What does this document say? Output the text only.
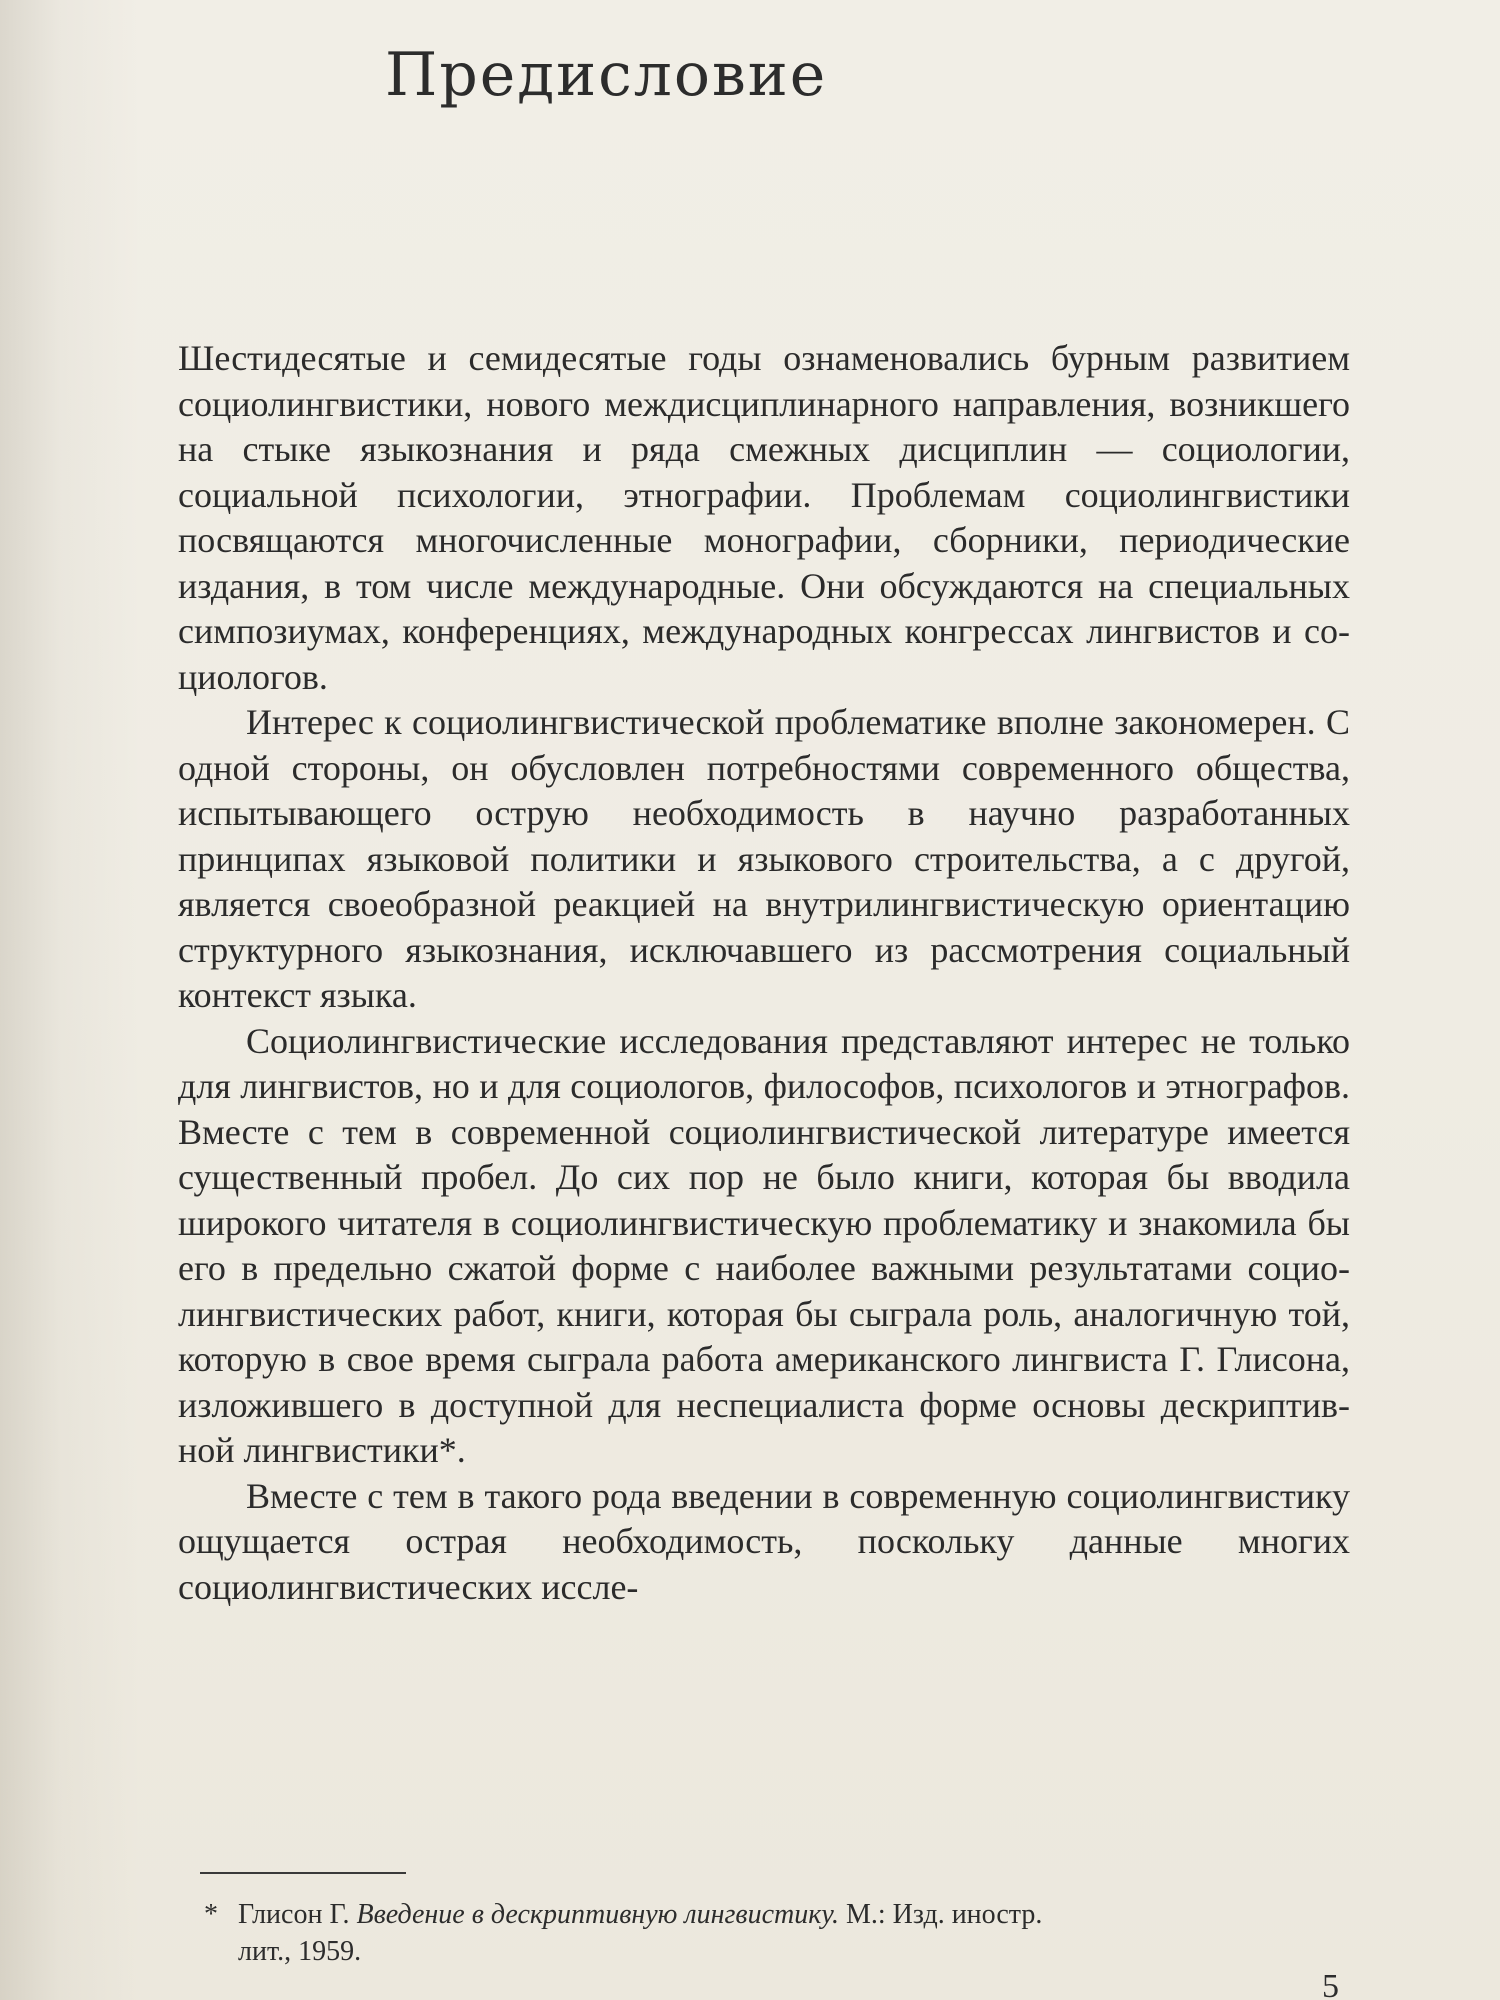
Предисловие

Шестидесятые и семидесятые годы ознаменовались бурным развитием социолингвистики, нового междисциплинарного направления, возникшего на стыке языкознания и ряда смежных дисциплин — социологии, социальной психологии, этнографии. Проблемам социолингвистики посвящаются многочисленные монографии, сборники, периодические издания, в том числе международные. Они обсуждаются на специальных симпозиумах, конференциях, международных конгрессах лингвистов и социологов.

Интерес к социолингвистической проблематике вполне закономерен. С одной стороны, он обусловлен потребностями современного общества, испытывающего острую необходимость в научно разработанных принципах языковой политики и языкового строительства, а с другой, является своеобразной реакцией на внутрилингвистическую ориентацию структурного языкознания, исключавшего из рассмотрения социальный контекст языка.

Социолингвистические исследования представляют интерес не только для лингвистов, но и для социологов, философов, психологов и этнографов. Вместе с тем в современной социолингвистической литературе имеется существенный пробел. До сих пор не было книги, которая бы вводила широкого читателя в социолингвистическую проблематику и знакомила бы его в предельно сжатой форме с наиболее важными результатами социолингвистических работ, книги, которая бы сыграла роль, аналогичную той, которую в свое время сыграла работа американского лингвиста Г. Глисона, изложившего в доступной для неспециалиста форме основы дескриптивной лингвистики*.

Вместе с тем в такого рода введении в современную социолингвистику ощущается острая необходимость, поскольку данные многих социолингвистических иссле-

* Глисон Г. Введение в дескриптивную лингвистику. М.: Изд. иностр.
лит., 1959.
5
